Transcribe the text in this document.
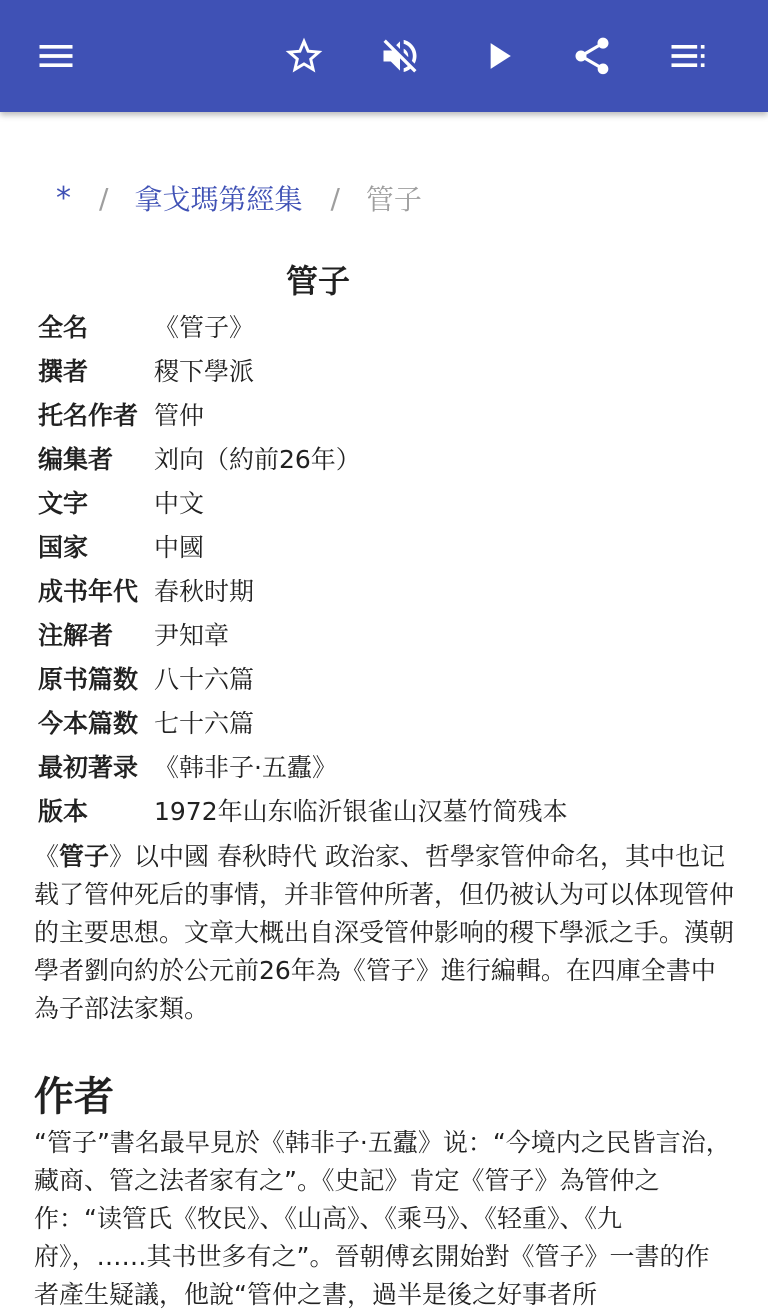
* / 拿戈瑪第經集 / 管子
管子
全名	《管子》
撰者	稷下學派
托名作者	管仲
编集者	刘向（約前26年）
文字	中文
国家	中國
成书年代	春秋时期
注解者	尹知章
原书篇数	八十六篇
今本篇数	七十六篇
最初著录	《韩非子·五蠹》
版本	1972年山东临沂银雀山汉墓竹简残本

《管子》以中國 春秋時代 政治家、哲學家管仲命名，其中也记载了管仲死后的事情，并非管仲所著，但仍被认为可以体现管仲的主要思想。文章大概出自深受管仲影响的稷下學派之手。漢朝學者劉向約於公元前26年為《管子》進行編輯。在四庫全書中為子部法家類。

作者

“管子”書名最早見於《韩非子·五蠹》说：“今境内之民皆言治，藏商、管之法者家有之”。《史記》肯定《管子》為管仲之作：“读管氏《牧民》、《山高》、《乘马》、《轻重》、《九府》，……其书世多有之”。晉朝傅玄開始對《管子》一書的作者產生疑議，他說“管仲之書，過半是後之好事者所
